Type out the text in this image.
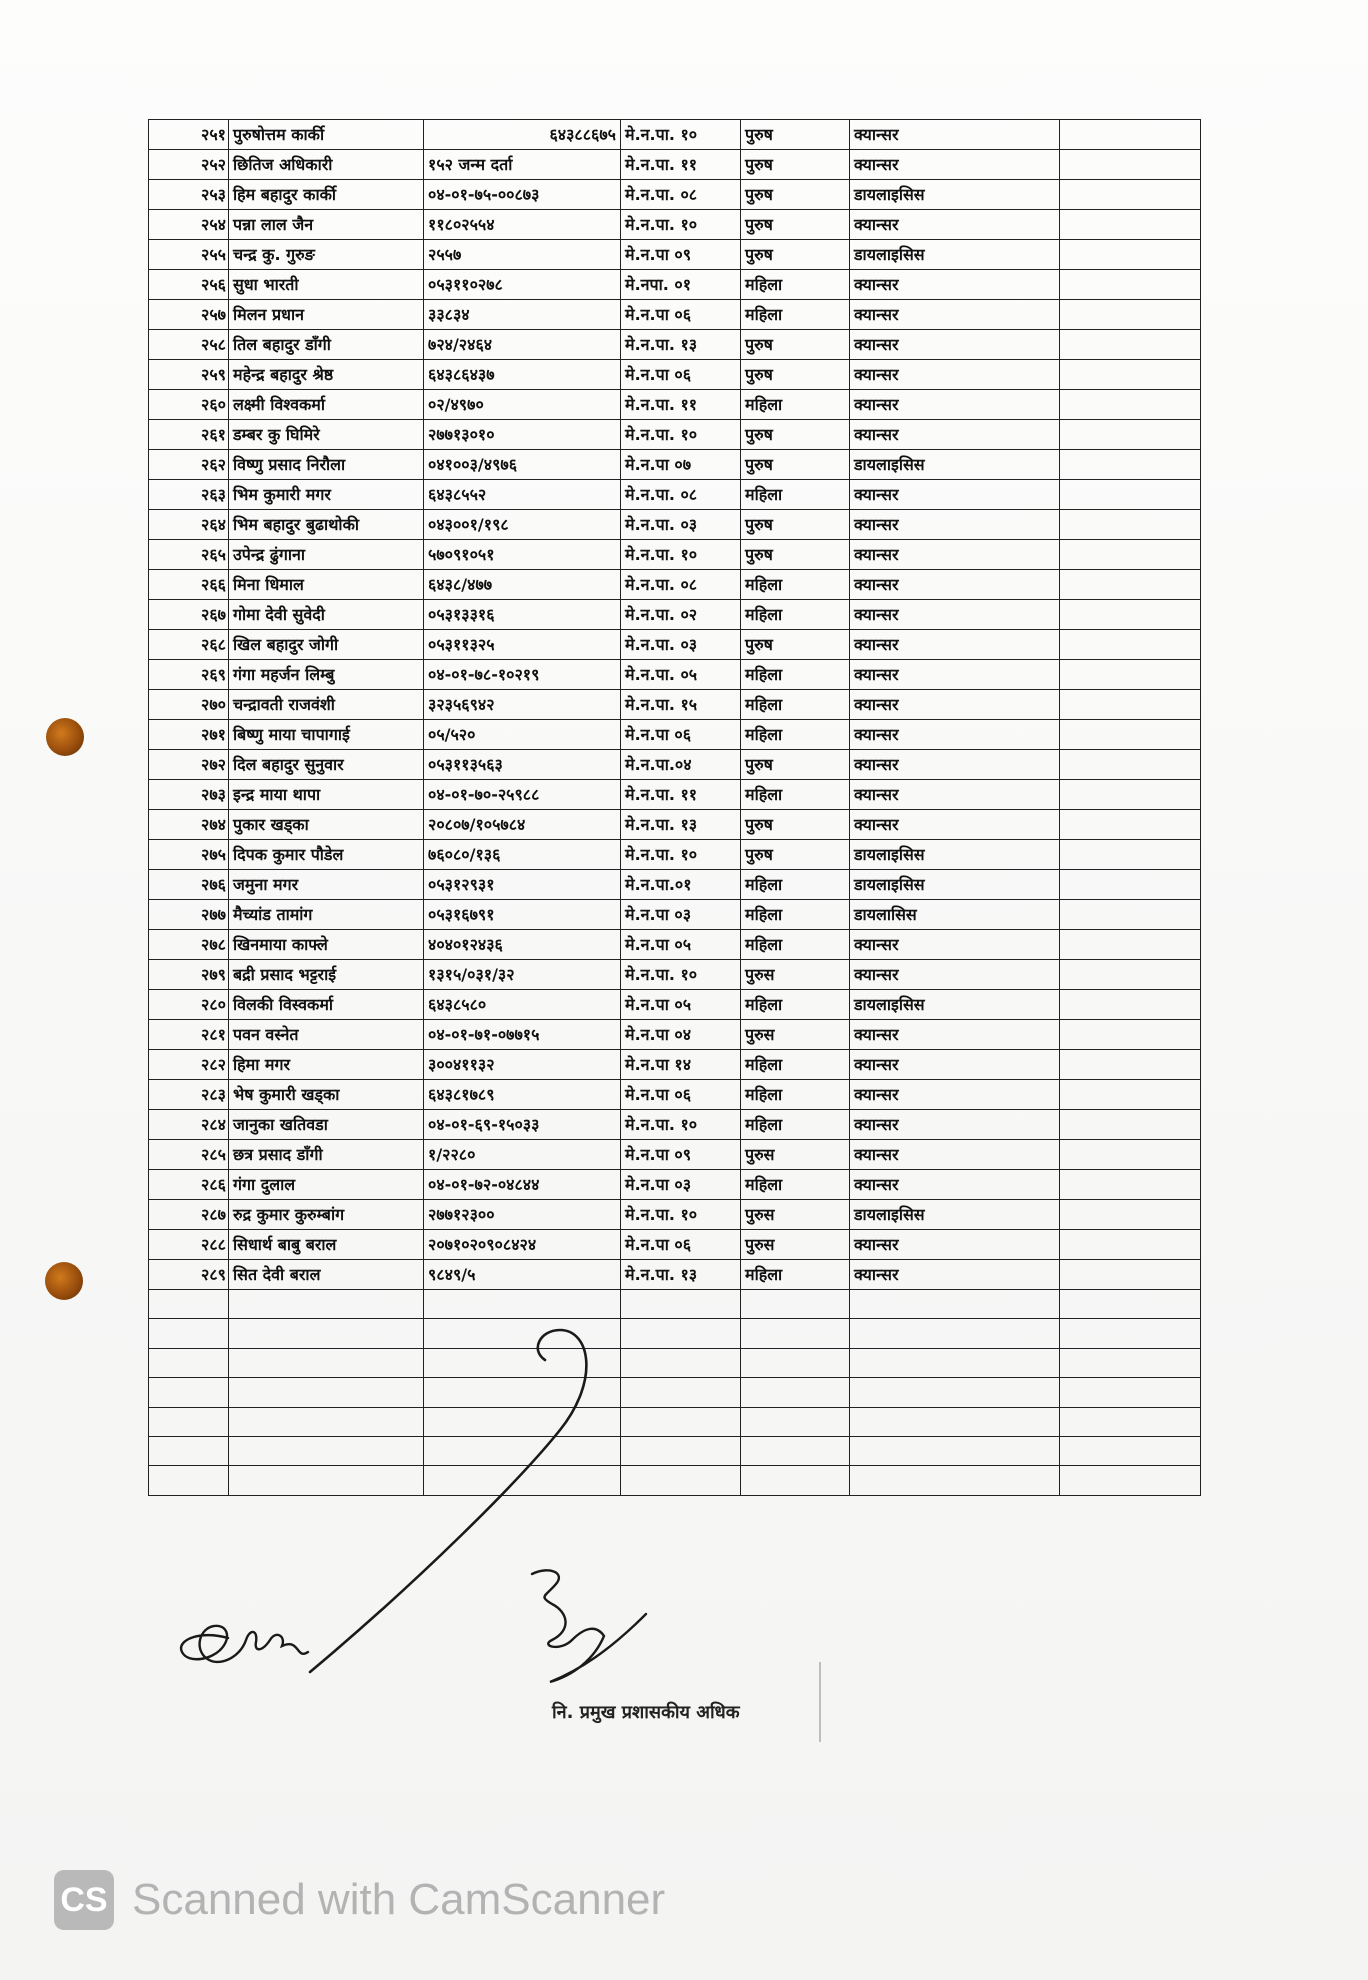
२५१	पुरुषोत्तम कार्की	६४३८८६७५	मे.न.पा. १०	पुरुष	क्यान्सर	
२५२	छितिज अधिकारी	१५२ जन्म दर्ता	मे.न.पा. ११	पुरुष	क्यान्सर	
२५३	हिम बहादुर कार्की	०४-०१-७५-००८७३	मे.न.पा. ०८	पुरुष	डायलाइसिस	
२५४	पन्ना लाल जैन	११८०२५५४	मे.न.पा. १०	पुरुष	क्यान्सर	
२५५	चन्द्र कु. गुरुङ	२५५७	मे.न.पा ०९	पुरुष	डायलाइसिस	
२५६	सुधा भारती	०५३११०२७८	मे.नपा. ०१	महिला	क्यान्सर	
२५७	मिलन प्रधान	३३८३४	मे.न.पा ०६	महिला	क्यान्सर	
२५८	तिल बहादुर डाँगी	७२४/२४६४	मे.न.पा. १३	पुरुष	क्यान्सर	
२५९	महेन्द्र बहादुर श्रेष्ठ	६४३८६४३७	मे.न.पा ०६	पुरुष	क्यान्सर	
२६०	लक्ष्मी विश्वकर्मा	०२/४९७०	मे.न.पा. ११	महिला	क्यान्सर	
२६१	डम्बर कु घिमिरे	२७७१३०१०	मे.न.पा. १०	पुरुष	क्यान्सर	
२६२	विष्णु प्रसाद निरौला	०४१००३/४९७६	मे.न.पा ०७	पुरुष	डायलाइसिस	
२६३	भिम कुमारी मगर	६४३८५५२	मे.न.पा. ०८	महिला	क्यान्सर	
२६४	भिम बहादुर बुढाथोकी	०४३००१/१९८	मे.न.पा. ०३	पुरुष	क्यान्सर	
२६५	उपेन्द्र ढुंगाना	५७०९१०५१	मे.न.पा. १०	पुरुष	क्यान्सर	
२६६	मिना धिमाल	६४३८/४७७	मे.न.पा. ०८	महिला	क्यान्सर	
२६७	गोमा देवी सुवेदी	०५३१३३१६	मे.न.पा. ०२	महिला	क्यान्सर	
२६८	खिल बहादुर जोगी	०५३११३२५	मे.न.पा. ०३	पुरुष	क्यान्सर	
२६९	गंगा महर्जन लिम्बु	०४-०१-७८-१०२१९	मे.न.पा. ०५	महिला	क्यान्सर	
२७०	चन्द्रावती राजवंशी	३२३५६९४२	मे.न.पा. १५	महिला	क्यान्सर	
२७१	बिष्णु माया चापागाई	०५/५२०	मे.न.पा ०६	महिला	क्यान्सर	
२७२	दिल बहादुर सुनुवार	०५३११३५६३	मे.न.पा.०४	पुरुष	क्यान्सर	
२७३	इन्द्र माया थापा	०४-०१-७०-२५९८८	मे.न.पा. ११	महिला	क्यान्सर	
२७४	पुकार खड्का	२०८०७/१०५७८४	मे.न.पा. १३	पुरुष	क्यान्सर	
२७५	दिपक कुमार पौडेल	७६०८०/१३६	मे.न.पा. १०	पुरुष	डायलाइसिस	
२७६	जमुना मगर	०५३१२९३१	मे.न.पा.०१	महिला	डायलाइसिस	
२७७	मैच्यांड तामांग	०५३१६७९१	मे.न.पा ०३	महिला	डायलासिस	
२७८	खिनमाया काफ्ले	४०४०१२४३६	मे.न.पा ०५	महिला	क्यान्सर	
२७९	बद्री प्रसाद भट्टराई	१३१५/०३१/३२	मे.न.पा. १०	पुरुस	क्यान्सर	
२८०	विलकी विस्वकर्मा	६४३८५८०	मे.न.पा ०५	महिला	डायलाइसिस	
२८१	पवन वस्नेत	०४-०१-७१-०७७१५	मे.न.पा ०४	पुरुस	क्यान्सर	
२८२	हिमा मगर	३००४११३२	मे.न.पा १४	महिला	क्यान्सर	
२८३	भेष कुमारी खड्का	६४३८१७८९	मे.न.पा ०६	महिला	क्यान्सर	
२८४	जानुका खतिवडा	०४-०१-६९-१५०३३	मे.न.पा. १०	महिला	क्यान्सर	
२८५	छत्र प्रसाद डाँगी	१/२२८०	मे.न.पा ०९	पुरुस	क्यान्सर	
२८६	गंगा दुलाल	०४-०१-७२-०४८४४	मे.न.पा ०३	महिला	क्यान्सर	
२८७	रुद्र कुमार कुरुम्बांग	२७७१२३००	मे.न.पा. १०	पुरुस	डायलाइसिस	
२८८	सिधार्थ बाबु बराल	२०७१०२०९०८४२४	मे.न.पा ०६	पुरुस	क्यान्सर	
२८९	सित देवी बराल	९८४९/५	मे.न.पा. १३	महिला	क्यान्सर	

नि. प्रमुख प्रशासकीय अधिक
CS Scanned with CamScanner
